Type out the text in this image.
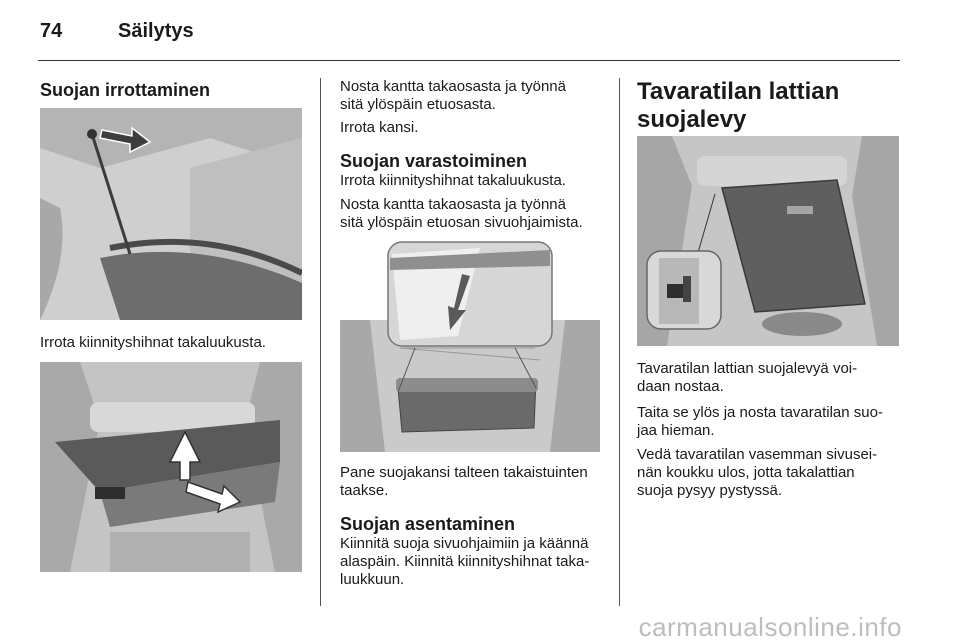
74	Säilytys
Suojan irrottaminen

Irrota kiinnityshihnat takaluukusta.

Nosta kantta takaosasta ja työnnä
sitä ylöspäin etuosasta.

Irrota kansi.

Suojan varastoiminen

Irrota kiinnityshihnat takaluukusta.

Nosta kantta takaosasta ja työnnä
sitä ylöspäin etuosan sivuohjaimista.

Pane suojakansi talteen takaistuinten
taakse.

Suojan asentaminen

Kiinnitä suoja sivuohjaimiin ja käännä
alaspäin. Kiinnitä kiinnityshihnat taka-
luukkuun.

Tavaratilan lattian
suojalevy

Tavaratilan lattian suojalevyä voi-
daan nostaa.

Taita se ylös ja nosta tavaratilan suo-
jaa hieman.

Vedä tavaratilan vasemman sivusei-
nän koukku ulos, jotta takalattian
suoja pysyy pystyssä.

carmanualsonline.info
